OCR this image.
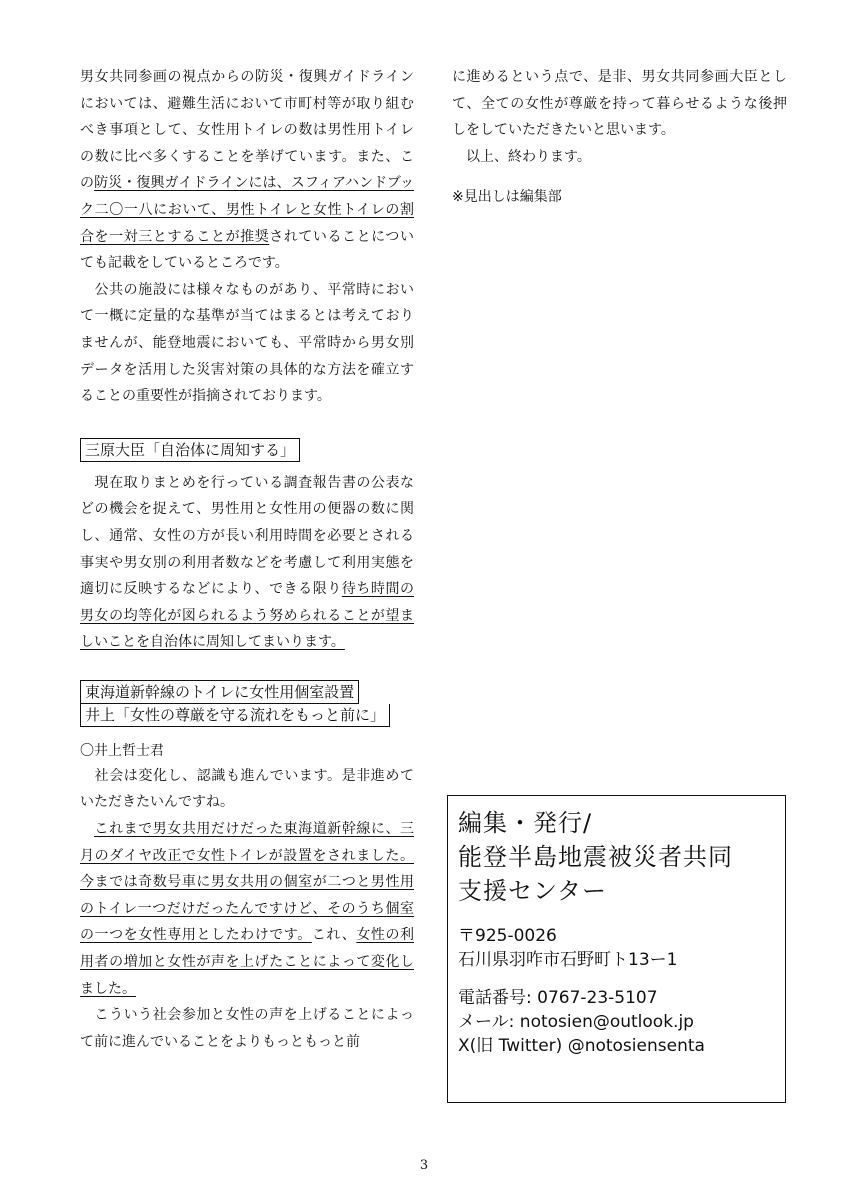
男女共同参画の視点からの防災・復興ガイドラインにおいては、避難生活において市町村等が取り組むべき事項として、女性用トイレの数は男性用トイレの数に比べ多くすることを挙げています。また、この防災・復興ガイドラインには、スフィアハンドブック二〇一八において、男性トイレと女性トイレの割合を一対三とすることが推奨されていることについても記載をしているところです。

公共の施設には様々なものがあり、平常時において一概に定量的な基準が当てはまるとは考えておりませんが、能登地震においても、平常時から男女別データを活用した災害対策の具体的な方法を確立することの重要性が指摘されております。

三原大臣「自治体に周知する」

現在取りまとめを行っている調査報告書の公表などの機会を捉えて、男性用と女性用の便器の数に関し、通常、女性の方が長い利用時間を必要とされる事実や男女別の利用者数などを考慮して利用実態を適切に反映するなどにより、できる限り待ち時間の男女の均等化が図られるよう努められることが望ましいことを自治体に周知してまいります。

東海道新幹線のトイレに女性用個室設置

井上「女性の尊厳を守る流れをもっと前に」

〇井上哲士君

社会は変化し、認識も進んでいます。是非進めていただきたいんですね。

これまで男女共用だけだった東海道新幹線に、三月のダイヤ改正で女性トイレが設置をされました。今までは奇数号車に男女共用の個室が二つと男性用のトイレ一つだけだったんですけど、そのうち個室の一つを女性専用としたわけです。これ、女性の利用者の増加と女性が声を上げたことによって変化しました。

こういう社会参加と女性の声を上げることによって前に進んでいることをよりもっともっと前

に進めるという点で、是非、男女共同参画大臣として、全ての女性が尊厳を持って暮らせるような後押しをしていただきたいと思います。

以上、終わります。

※見出しは編集部

編集・発行/

能登半島地震被災者共同

支援センター

〒925-0026

石川県羽咋市石野町ト13ー1

電話番号: 0767-23-5107

メール: notosien@outlook.jp

X(旧 Twitter) @notosiensenta

3
